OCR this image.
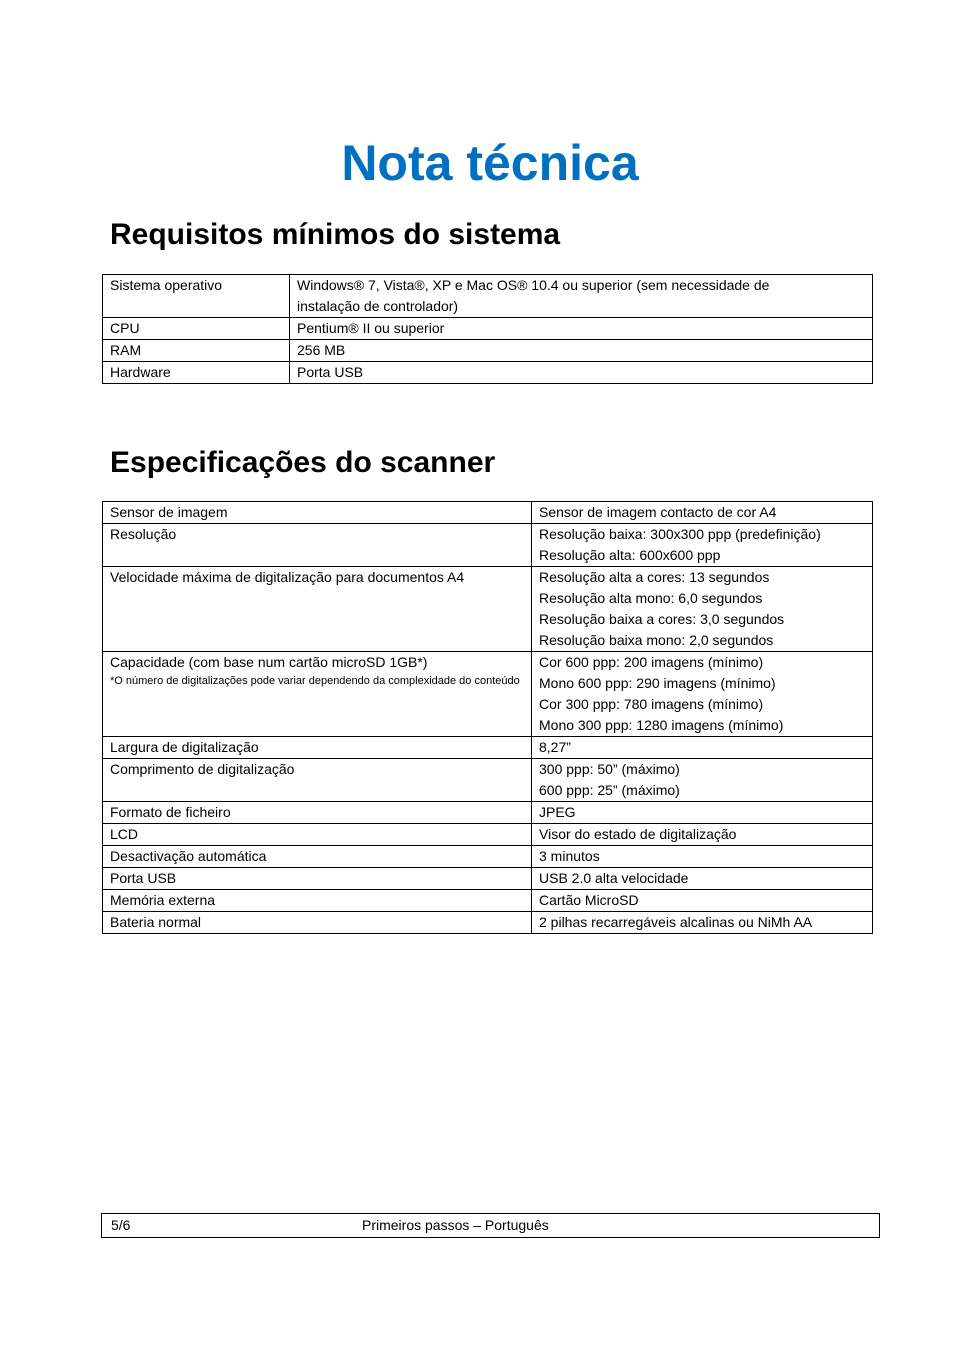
Nota técnica
Requisitos mínimos do sistema
Sistema operativo	Windows® 7, Vista®, XP e Mac OS® 10.4 ou superior (sem necessidade de
instalação de controlador)

CPU	Pentium® II ou superior

RAM	256 MB

Hardware	Porta USB
Especificações do scanner
Sensor de imagem	Sensor de imagem contacto de cor A4

Resolução	Resolução baixa: 300x300 ppp (predefinição)
Resolução alta: 600x600 ppp

Velocidade máxima de digitalização para documentos A4	Resolução alta a cores: 13 segundos
Resolução alta mono: 6,0 segundos
Resolução baixa a cores: 3,0 segundos
Resolução baixa mono: 2,0 segundos

Capacidade (com base num cartão microSD 1GB*)
*O número de digitalizações pode variar dependendo da complexidade do conteúdo	Cor 600 ppp: 200 imagens (mínimo)
Mono 600 ppp: 290 imagens (mínimo)
Cor 300 ppp: 780 imagens (mínimo)
Mono 300 ppp: 1280 imagens (mínimo)

Largura de digitalização	8,27”

Comprimento de digitalização	300 ppp: 50” (máximo)
600 ppp: 25” (máximo)

Formato de ficheiro	JPEG

LCD	Visor do estado de digitalização

Desactivação automática	3 minutos

Porta USB	USB 2.0 alta velocidade

Memória externa	Cartão MicroSD

Bateria normal	2 pilhas recarregáveis alcalinas ou NiMh AA
5/6	Primeiros passos – Português
